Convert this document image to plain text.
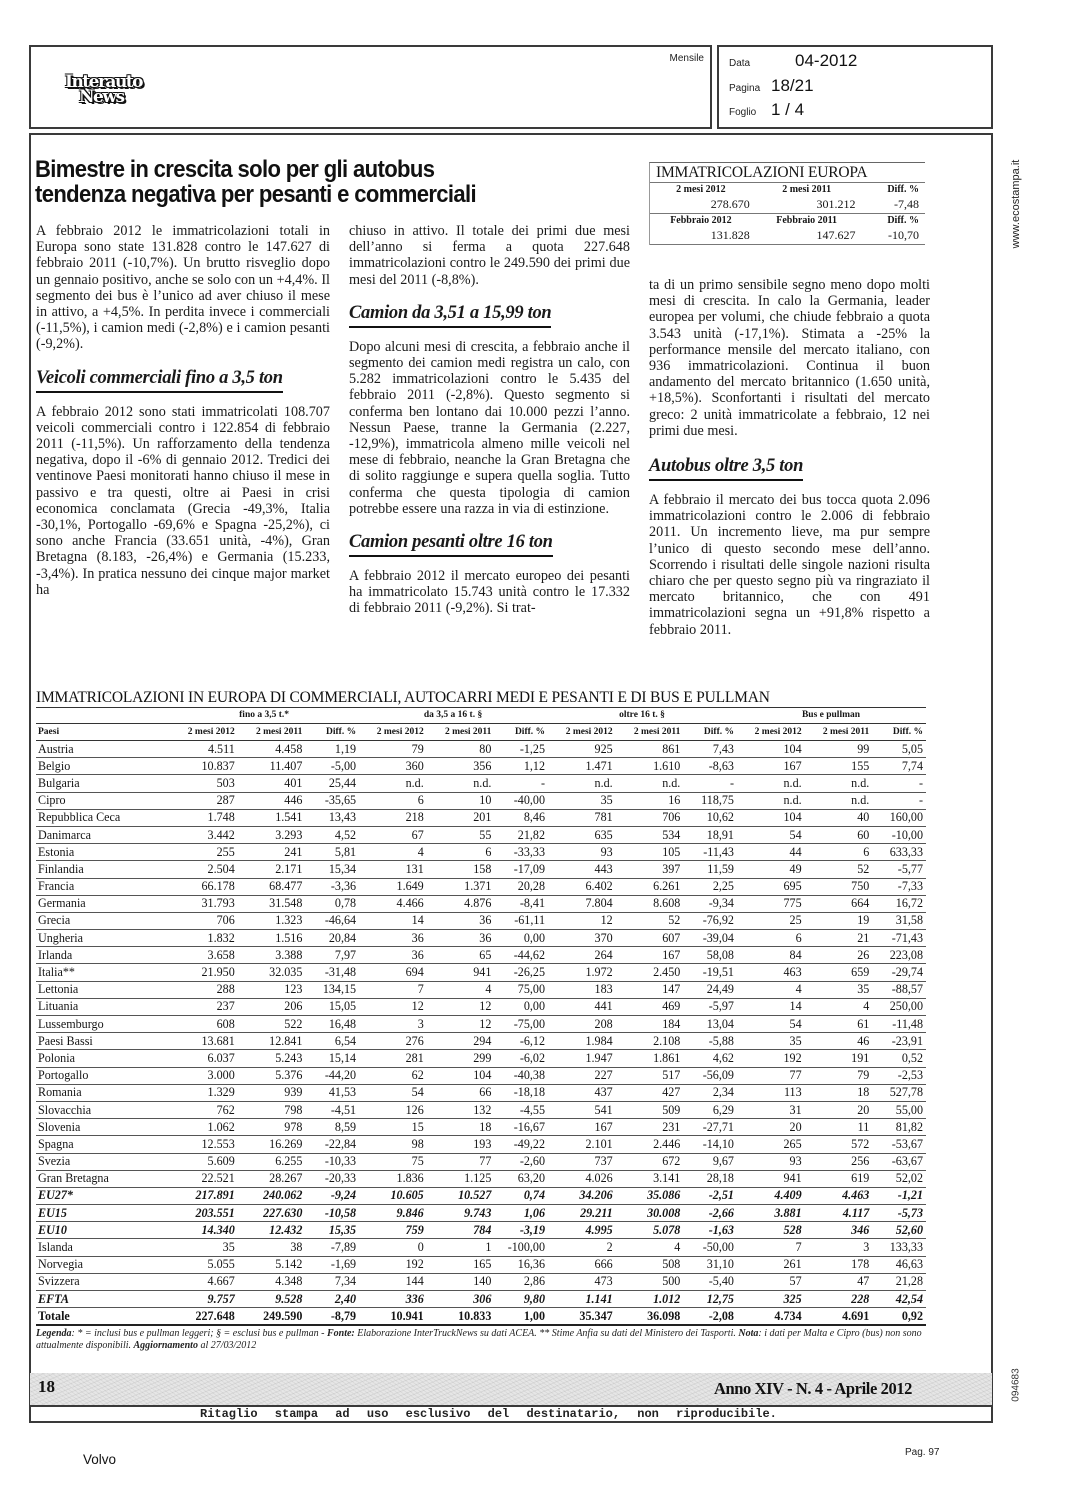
Interauto
News
Mensile	Data	04-2012
Pagina 18/21
Foglio 1 / 4
www.ecostampa.it
094683
Bimestre in crescita solo per gli autobus
tendenza negativa per pesanti e commerciali

A febbraio 2012 le immatricolazioni totali in Europa sono state 131.828 contro le 147.627 di febbraio 2011 (-10,7%). Un brutto risveglio dopo un gennaio positivo, anche se solo con un +4,4%. Il segmento dei bus è l’unico ad aver chiuso il mese in attivo, a +4,5%. In perdita invece i commerciali (-11,5%), i camion medi (-2,8%) e i camion pesanti (-9,2%).

Veicoli commerciali fino a 3,5 ton

A febbraio 2012 sono stati immatricolati 108.707 veicoli commerciali contro i 122.854 di febbraio 2011 (-11,5%). Un rafforzamento della tendenza negativa, dopo il -6% di gennaio 2012. Tredici dei ventinove Paesi monitorati hanno chiuso il mese in passivo e tra questi, oltre ai Paesi in crisi economica conclamata (Grecia -49,3%, Italia -30,1%, Portogallo -69,6% e Spagna -25,2%), ci sono anche Francia (33.651 unità, -4%), Gran Bretagna (8.183, -26,4%) e Germania (15.233, -3,4%). In pratica nessuno dei cinque major market ha

chiuso in attivo. Il totale dei primi due mesi dell’anno si ferma a quota 227.648 immatricolazioni contro le 249.590 dei primi due mesi del 2011 (-8,8%).

Camion da 3,51 a 15,99 ton

Dopo alcuni mesi di crescita, a febbraio anche il segmento dei camion medi registra un calo, con 5.282 immatricolazioni contro le 5.435 del febbraio 2011 (-2,8%). Questo segmento si conferma ben lontano dai 10.000 pezzi l’anno. Nessun Paese, tranne la Germania (2.227, -12,9%), immatricola almeno mille veicoli nel mese di febbraio, neanche la Gran Bretagna che di solito raggiunge e supera quella soglia. Tutto conferma che questa tipologia di camion potrebbe essere una razza in via di estinzione.

Camion pesanti oltre 16 ton

A febbraio 2012 il mercato europeo dei pesanti ha immatricolato 15.743 unità contro le 17.332 di febbraio 2011 (-9,2%). Si trat-

IMMATRICOLAZIONI EUROPA
2 mesi 2012	2 mesi 2011	Diff. %
278.670	301.212	-7,48
Febbraio 2012	Febbraio 2011	Diff. %
131.828	147.627	-10,70

ta di un primo sensibile segno meno dopo molti mesi di crescita. In calo la Germania, leader europea per volumi, che chiude febbraio a quota 3.543 unità (-17,1%). Stimata a -25% la performance mensile del mercato italiano, con 936 immatricolazioni. Continua il buon andamento del mercato britannico (1.650 unità, +18,5%). Sconfortanti i risultati del mercato greco: 2 unità immatricolate a febbraio, 12 nei primi due mesi.

Autobus oltre 3,5 ton

A febbraio il mercato dei bus tocca quota 2.096 immatricolazioni contro le 2.006 di febbraio 2011. Un incremento lieve, ma pur sempre l’unico di questo secondo mese dell’anno. Scorrendo i risultati delle singole nazioni risulta chiaro che per questo segno più va ringraziato il mercato britannico, che con 491 immatricolazioni segna un +91,8% rispetto a febbraio 2011.

IMMATRICOLAZIONI IN EUROPA DI COMMERCIALI, AUTOCARRI MEDI E PESANTI E DI BUS E PULLMAN
	fino a 3,5 t.*			da 3,5 a 16 t. §			oltre 16 t. §			Bus e pullman		
Paesi	2 mesi 2012	2 mesi 2011	Diff. %	2 mesi 2012	2 mesi 2011	Diff. %	2 mesi 2012	2 mesi 2011	Diff. %	2 mesi 2012	2 mesi 2011	Diff. %
Austria	4.511	4.458	1,19	79	80	-1,25	925	861	7,43	104	99	5,05
Belgio	10.837	11.407	-5,00	360	356	1,12	1.471	1.610	-8,63	167	155	7,74
Bulgaria	503	401	25,44	n.d.	n.d.	-	n.d.	n.d.	-	n.d.	n.d.	-
Cipro	287	446	-35,65	6	10	-40,00	35	16	118,75	n.d.	n.d.	-
Repubblica Ceca	1.748	1.541	13,43	218	201	8,46	781	706	10,62	104	40	160,00
Danimarca	3.442	3.293	4,52	67	55	21,82	635	534	18,91	54	60	-10,00
Estonia	255	241	5,81	4	6	-33,33	93	105	-11,43	44	6	633,33
Finlandia	2.504	2.171	15,34	131	158	-17,09	443	397	11,59	49	52	-5,77
Francia	66.178	68.477	-3,36	1.649	1.371	20,28	6.402	6.261	2,25	695	750	-7,33
Germania	31.793	31.548	0,78	4.466	4.876	-8,41	7.804	8.608	-9,34	775	664	16,72
Grecia	706	1.323	-46,64	14	36	-61,11	12	52	-76,92	25	19	31,58
Ungheria	1.832	1.516	20,84	36	36	0,00	370	607	-39,04	6	21	-71,43
Irlanda	3.658	3.388	7,97	36	65	-44,62	264	167	58,08	84	26	223,08
Italia**	21.950	32.035	-31,48	694	941	-26,25	1.972	2.450	-19,51	463	659	-29,74
Lettonia	288	123	134,15	7	4	75,00	183	147	24,49	4	35	-88,57
Lituania	237	206	15,05	12	12	0,00	441	469	-5,97	14	4	250,00
Lussemburgo	608	522	16,48	3	12	-75,00	208	184	13,04	54	61	-11,48
Paesi Bassi	13.681	12.841	6,54	276	294	-6,12	1.984	2.108	-5,88	35	46	-23,91
Polonia	6.037	5.243	15,14	281	299	-6,02	1.947	1.861	4,62	192	191	0,52
Portogallo	3.000	5.376	-44,20	62	104	-40,38	227	517	-56,09	77	79	-2,53
Romania	1.329	939	41,53	54	66	-18,18	437	427	2,34	113	18	527,78
Slovacchia	762	798	-4,51	126	132	-4,55	541	509	6,29	31	20	55,00
Slovenia	1.062	978	8,59	15	18	-16,67	167	231	-27,71	20	11	81,82
Spagna	12.553	16.269	-22,84	98	193	-49,22	2.101	2.446	-14,10	265	572	-53,67
Svezia	5.609	6.255	-10,33	75	77	-2,60	737	672	9,67	93	256	-63,67
Gran Bretagna	22.521	28.267	-20,33	1.836	1.125	63,20	4.026	3.141	28,18	941	619	52,02
EU27*	217.891	240.062	-9,24	10.605	10.527	0,74	34.206	35.086	-2,51	4.409	4.463	-1,21
EU15	203.551	227.630	-10,58	9.846	9.743	1,06	29.211	30.008	-2,66	3.881	4.117	-5,73
EU10	14.340	12.432	15,35	759	784	-3,19	4.995	5.078	-1,63	528	346	52,60
Islanda	35	38	-7,89	0	1	-100,00	2	4	-50,00	7	3	133,33
Norvegia	5.055	5.142	-1,69	192	165	16,36	666	508	31,10	261	178	46,63
Svizzera	4.667	4.348	7,34	144	140	2,86	473	500	-5,40	57	47	21,28
EFTA	9.757	9.528	2,40	336	306	9,80	1.141	1.012	12,75	325	228	42,54
Totale	227.648	249.590	-8,79	10.941	10.833	1,00	35.347	36.098	-2,08	4.734	4.691	0,92
Legenda: * = inclusi bus e pullman leggeri; § = esclusi bus e pullman - Fonte: Elaborazione InterTruckNews su dati ACEA. ** Stime Anfia su dati del Ministero dei Tasporti. Nota: i dati per Malta e Cipro (bus) non sono attualmente disponibili. Aggiornamento al 27/03/2012
18	Anno XIV - N. 4 - Aprile 2012
Ritaglio stampa ad uso esclusivo del destinatario, non riproducibile.
Volvo	Pag. 97
